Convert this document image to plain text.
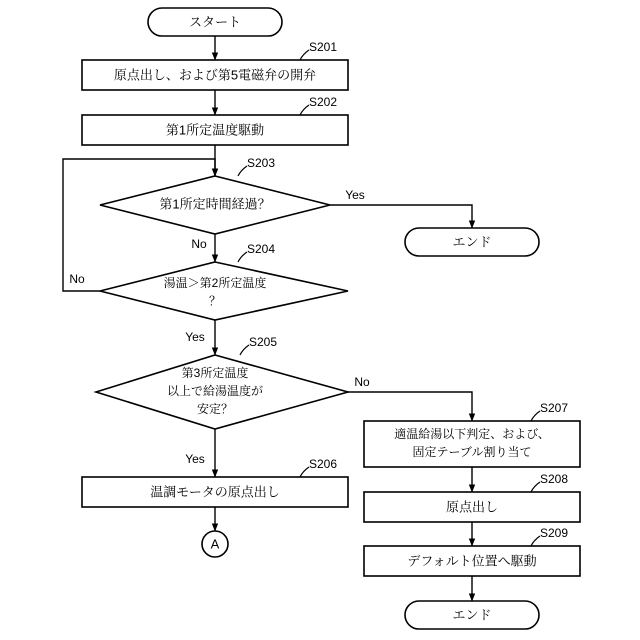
スタート
原点出し、および第5電磁弁の開弁
S201
第1所定温度駆動
S202
第1所定時間経過？
S203
Yes
No	エンド
湯温＞第2所定温度
？
S204
No
Yes
第3所定温度
以上で給湯温度が
安定？
S205
No
Yes
温調モータの原点出し
S206
A
適温給湯以下判定、および、
固定テーブル割り当て
S207
原点出し
S208
デフォルト位置へ駆動
S209
エンド
